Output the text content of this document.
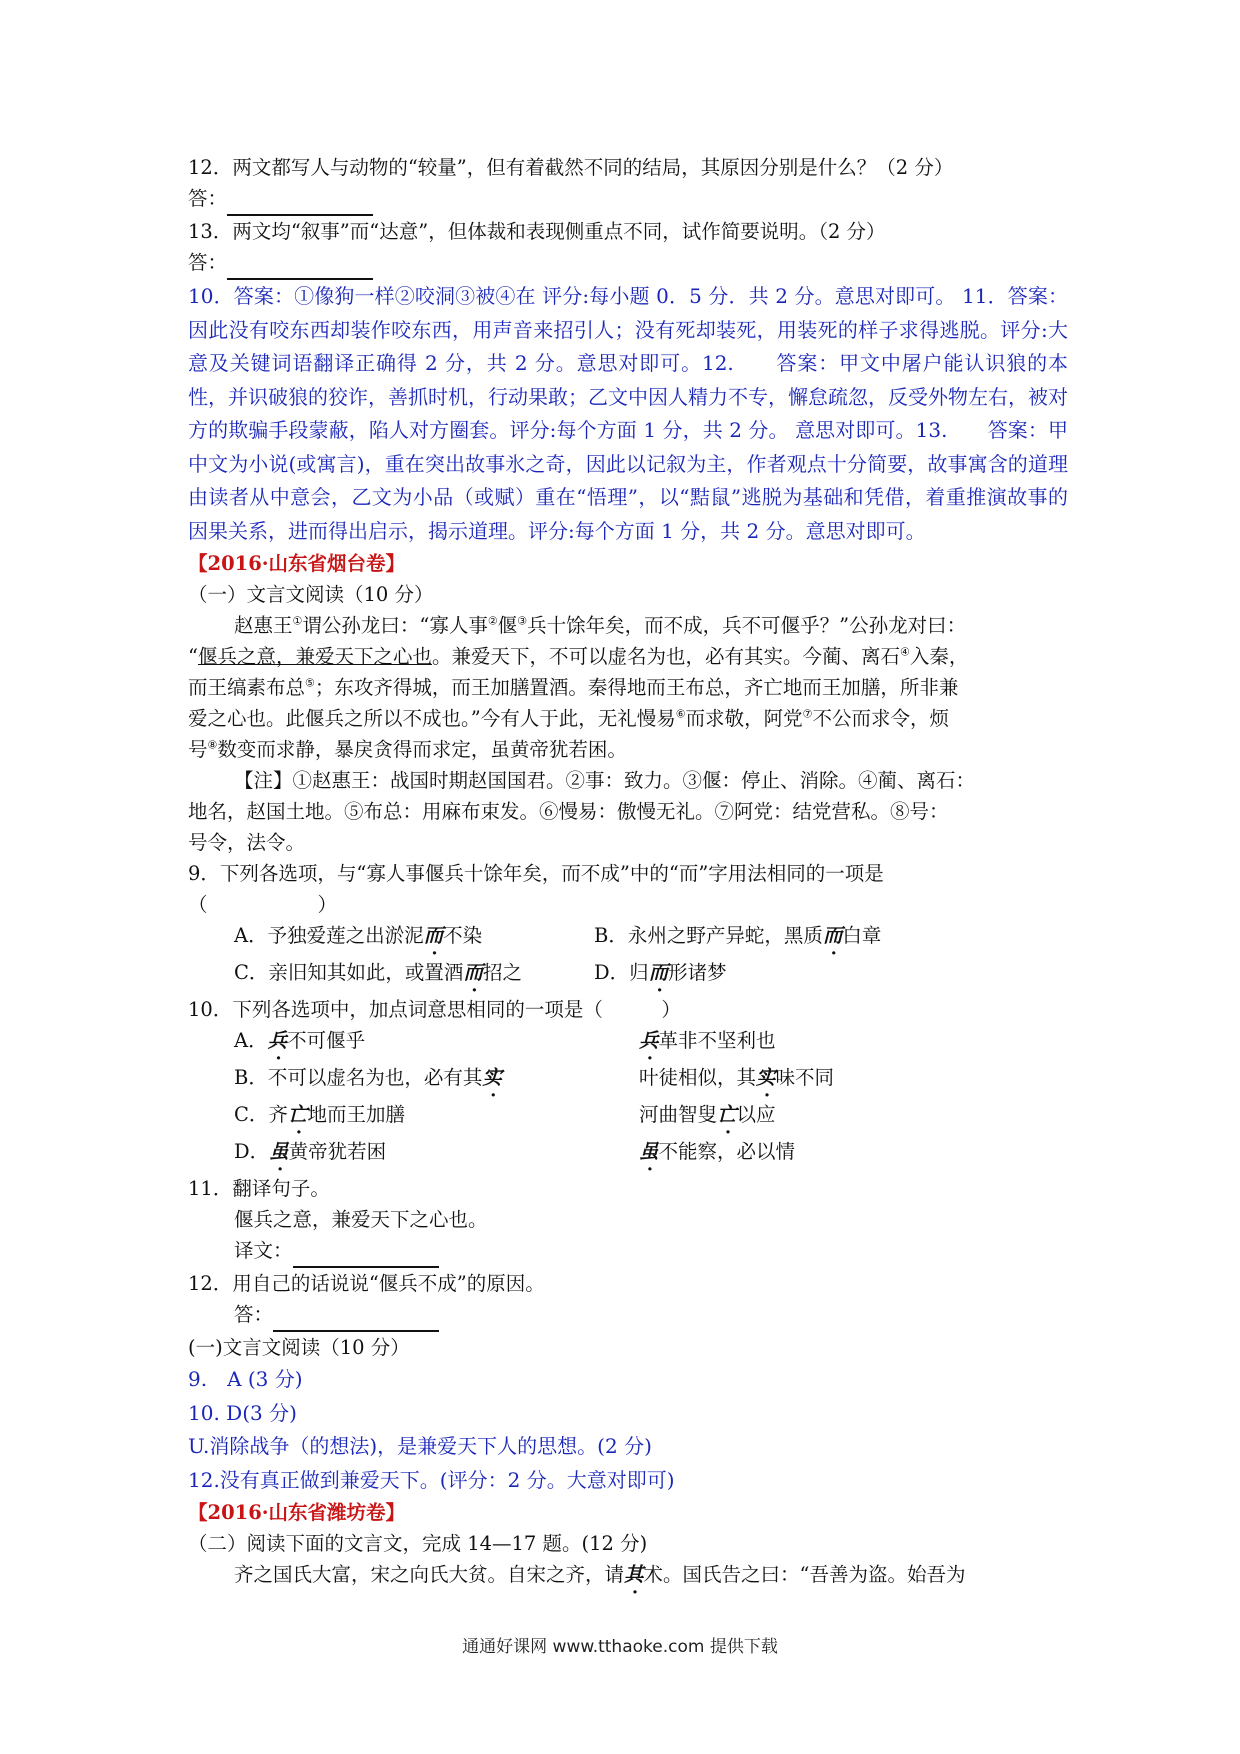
12．两文都写人与动物的“较量”，但有着截然不同的结局，其原因分别是什么？（2 分）
答：
13．两文均“叙事”而“达意”，但体裁和表现侧重点不同，试作简要说明。（2 分）
答：
10．答案：①像狗一样②咬洞③被④在 评分:每小题 0．5 分．共 2 分。意思对即可。 11．答案：因此没有咬东西却装作咬东西，用声音来招引人；没有死却装死，用装死的样子求得逃脱。评分:大意及关键词语翻译正确得 2 分，共 2 分。意思对即可。12.　　答案：甲文中屠户能认识狼的本性，并识破狼的狡诈，善抓时机，行动果敢；乙文中因人精力不专，懈怠疏忽，反受外物左右，被对方的欺骗手段蒙蔽，陷人对方圈套。评分:每个方面 1 分，共 2 分。 意思对即可。13.　　答案：甲中文为小说(或寓言)，重在突出故事氷之奇，因此以记叙为主，作者观点十分简要，故事寓含的道理由读者从中意会，乙文为小品（或赋）重在“悟理”，以“黠鼠”逃脱为基础和凭借，着重推演故事的因果关系，进而得出启示，揭示道理。评分:每个方面 1 分，共 2 分。意思对即可。
【2016·山东省烟台卷】
（一）文言文阅读（10 分）
赵惠王①谓公孙龙曰：“寡人事②偃③兵十馀年矣，而不成，兵不可偃乎？”公孙龙对曰：
“偃兵之意，兼爱天下之心也。兼爱天下，不可以虚名为也，必有其实。今蔺、离石④入秦，
而王缟素布总⑤；东攻齐得城，而王加膳置酒。秦得地而王布总，齐亡地而王加膳，所非兼
爱之心也。此偃兵之所以不成也。”今有人于此，无礼慢易⑥而求敬，阿党⑦不公而求令，烦
号⑧数变而求静，暴戾贪得而求定，虽黄帝犹若困。
【注】①赵惠王：战国时期赵国国君。②事：致力。③偃：停止、消除。④蔺、离石：
地名，赵国土地。⑤布总：用麻布束发。⑥慢易：傲慢无礼。⑦阿党：结党营私。⑧号：
号令，法令。
9．下列各选项，与“寡人事偃兵十馀年矣，而不成”中的“而”字用法相同的一项是
（	）
A．予独爱莲之出淤泥而不染	B．永州之野产异蛇，黑质而白章
C．亲旧知其如此，或置酒而招之	D．归而形诸梦
10．下列各选项中，加点词意思相同的一项是（　　　）
A．兵不可偃乎	兵革非不坚利也
B．不可以虚名为也，必有其实	叶徒相似，其实味不同
C．齐亡地而王加膳	河曲智叟亡以应
D．虽黄帝犹若困	虽不能察，必以情
11．翻译句子。
偃兵之意，兼爱天下之心也。
译文：
12．用自己的话说说“偃兵不成”的原因。
答：
(一)文言文阅读（10 分）
9.　A (3 分)
10. D(3 分)
U.消除战争（的想法)，是兼爱天下人的思想。(2 分)
12.没有真正做到兼爱天下。(评分：2 分。大意对即可)
【2016·山东省潍坊卷】
（二）阅读下面的文言文，完成 14—17 题。(12 分)
齐之国氏大富，宋之向氏大贫。自宋之齐，请其术。国氏告之曰：“吾善为盗。始吾为
通通好课网 www.tthaoke.com 提供下载
